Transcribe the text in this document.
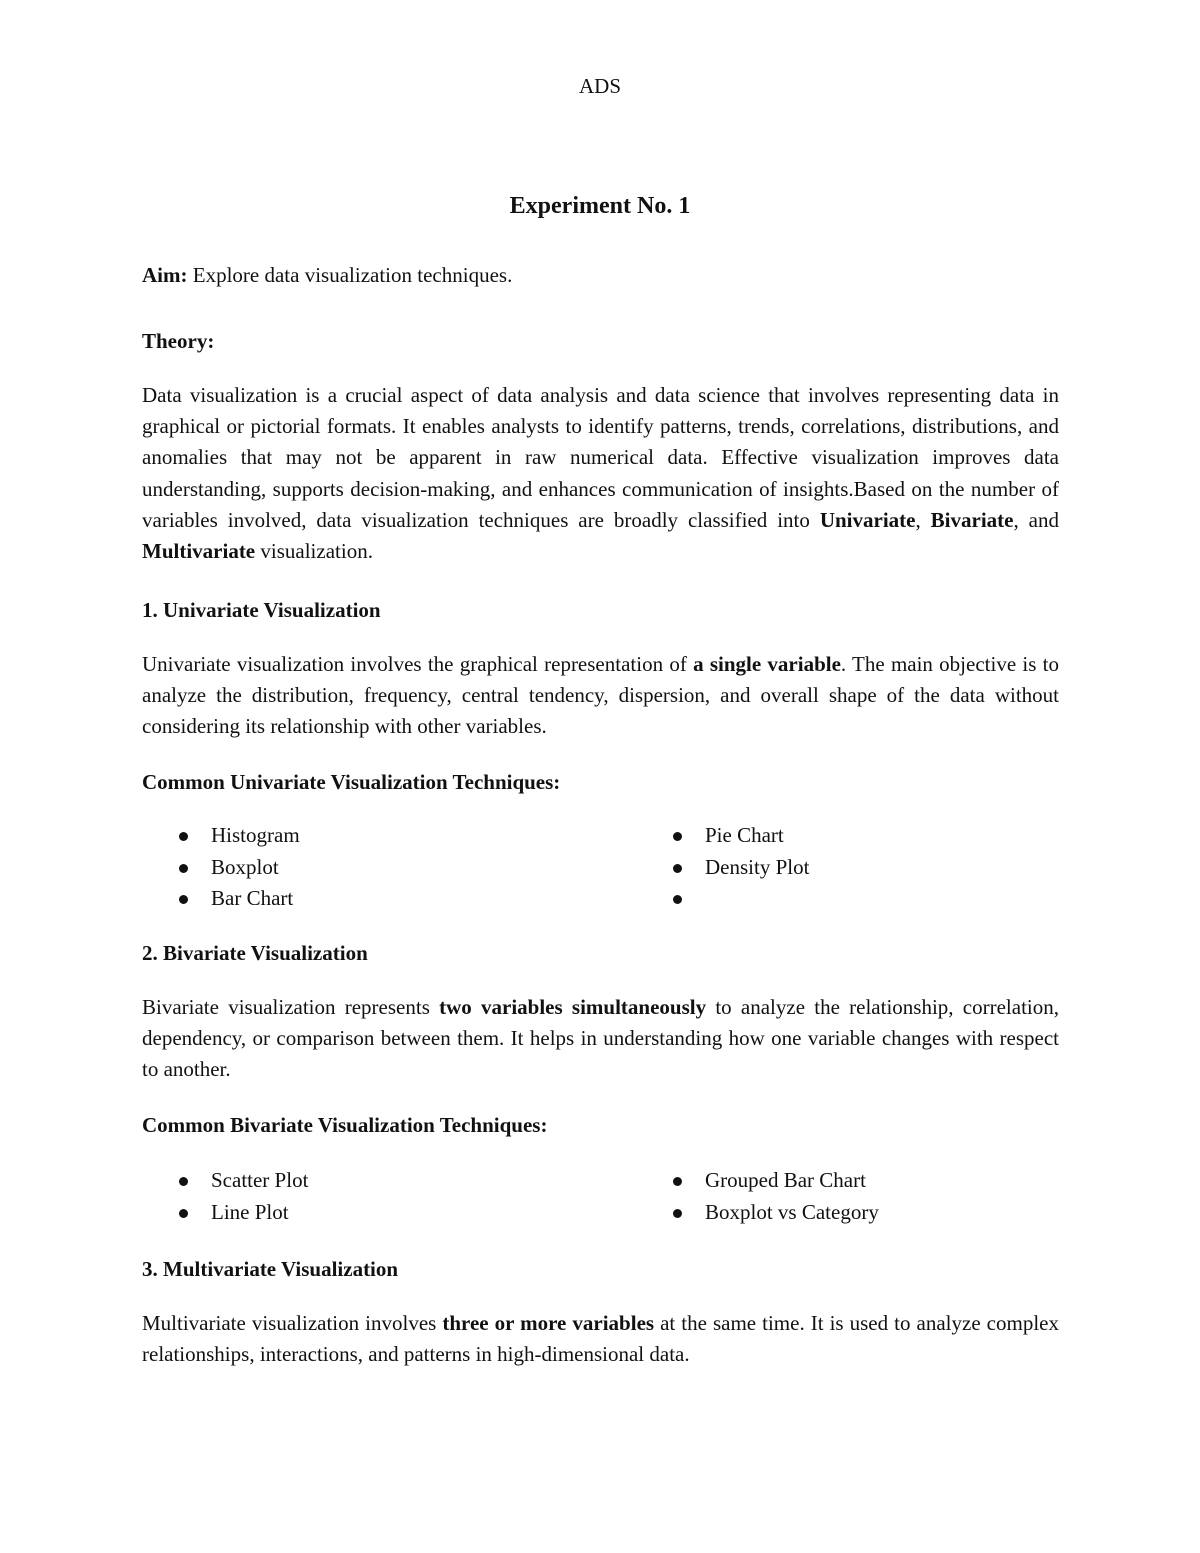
ADS
Experiment No. 1
Aim: Explore data visualization techniques.
Theory:
Data visualization is a crucial aspect of data analysis and data science that involves representing data in graphical or pictorial formats. It enables analysts to identify patterns, trends, correlations, distributions, and anomalies that may not be apparent in raw numerical data. Effective visualization improves data understanding, supports decision-making, and enhances communication of insights.Based on the number of variables involved, data visualization techniques are broadly classified into Univariate, Bivariate, and Multivariate visualization.
1. Univariate Visualization
Univariate visualization involves the graphical representation of a single variable. The main objective is to analyze the distribution, frequency, central tendency, dispersion, and overall shape of the data without considering its relationship with other variables.
Common Univariate Visualization Techniques:
Histogram
Boxplot
Bar Chart
Pie Chart
Density Plot
2. Bivariate Visualization
Bivariate visualization represents two variables simultaneously to analyze the relationship, correlation, dependency, or comparison between them. It helps in understanding how one variable changes with respect to another.
Common Bivariate Visualization Techniques:
Scatter Plot
Line Plot
Grouped Bar Chart
Boxplot vs Category
3. Multivariate Visualization
Multivariate visualization involves three or more variables at the same time. It is used to analyze complex relationships, interactions, and patterns in high-dimensional data.
